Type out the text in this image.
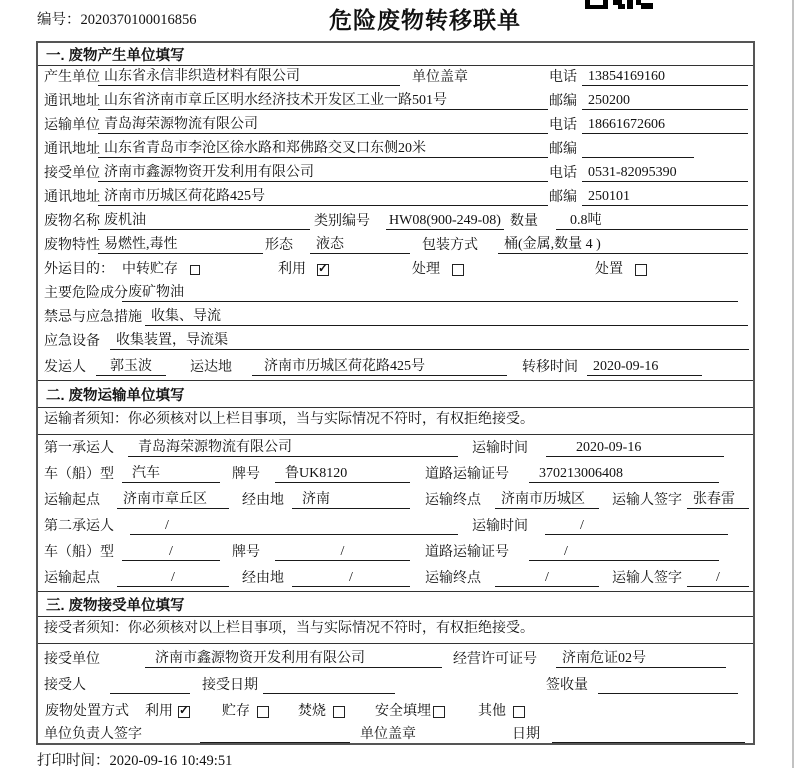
编号：2020370100016856	危险废物转移联单
一. 废物产生单位填写
产生单位 山东省永信非织造材料有限公司	单位盖章	电话 13854169160
通讯地址 山东省济南市章丘区明水经济技术开发区工业一路501号	邮编 250200
运输单位 青岛海荣源物流有限公司	电话 18661672606
通讯地址 山东省青岛市李沧区徐水路和郑佛路交叉口东侧20米	邮编
接受单位 济南市鑫源物资开发利用有限公司	电话 0531-82095390
通讯地址 济南市历城区荷花路425号	邮编 250101
废物名称 废机油	类别编号 HW08(900-249-08) 数量	0.8吨
废物特性 易燃性,毒性	形态	液态	包装方式	桶(金属,数量 4 )
外运目的： 中转贮存	利用 ✓	处理	处置
主要危险成分 废矿物油
禁忌与应急措施 收集、导流
应急设备	收集装置，导流渠
发运人	郭玉波	运达地	济南市历城区荷花路425号	转移时间	2020-09-16
二. 废物运输单位填写
运输者须知：你必须核对以上栏目事项，当与实际情况不符时，有权拒绝接受。
第一承运人	青岛海荣源物流有限公司	运输时间	2020-09-16
车（船）型	汽车	牌号	鲁UK8120	道路运输证号	370213006408
运输起点	济南市章丘区	经由地	济南	运输终点	济南市历城区	运输人签字 张春雷
第二承运人	/	运输时间	/
车（船）型	/	牌号	/	道路运输证号	/
运输起点	/	经由地	/	运输终点	/	运输人签字	/
三. 废物接受单位填写
接受者须知：你必须核对以上栏目事项，当与实际情况不符时，有权拒绝接受。
接受单位	济南市鑫源物资开发利用有限公司	经营许可证号	济南危证02号
接受人	接受日期	签收量
废物处置方式 利用 ✓	贮存	焚烧	安全填埋	其他
单位负责人签字	单位盖章	日期
打印时间：2020-09-16 10:49:51
